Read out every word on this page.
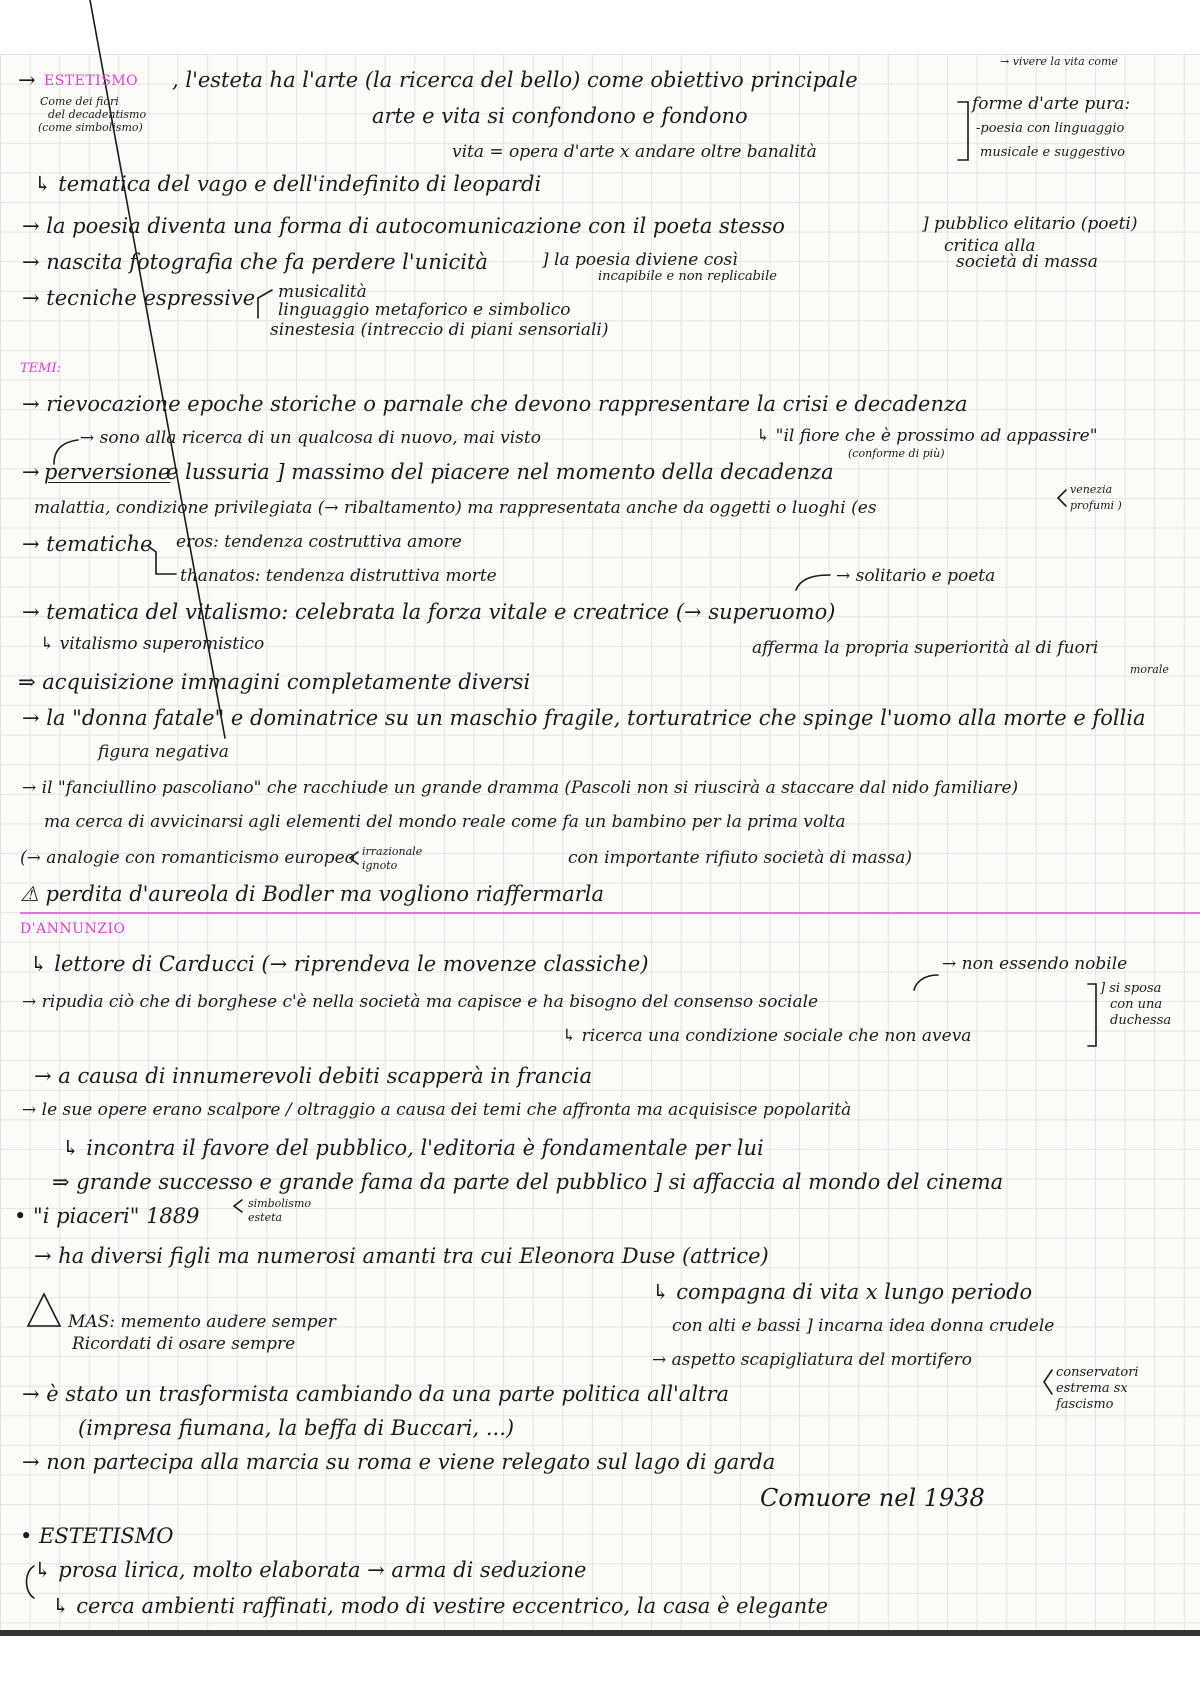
→ ESTETISMO , l'esteta ha l'arte (la ricerca del bello) come obiettivo principale
→ vivere la vita come
Come dei fiori
del decadentismo
(come simbolismo)	arte e vita si confondono e fondono
vita = opera d'arte x andare oltre banalità
forme d'arte pura:
-poesia con linguaggio
musicale e suggestivo
↳ tematica del vago e dell'indefinito di leopardi
→ la poesia diventa una forma di autocomunicazione con il poeta stesso	] pubblico elitario (poeti)
critica alla
società di massa
→ nascita fotografia che fa perdere l'unicità	] la poesia diviene così
incapibile e non replicabile
→ tecniche espressive musicalità
linguaggio metaforico e simbolico
sinestesia (intreccio di piani sensoriali)
TEMI:
→ rievocazione epoche storiche o parnale che devono rappresentare la crisi e decadenza
→ sono alla ricerca di un qualcosa di nuovo, mai visto	↳ "il fiore che è prossimo ad appassire"
(conforme di più)
→ perversione
e lussuria ] massimo del piacere nel momento della decadenza
malattia, condizione privilegiata (→ ribaltamento) ma rappresentata anche da oggetti o luoghi (es
venezia
profumi )
→ tematiche eros: tendenza costruttiva amore
thanatos: tendenza distruttiva morte	→ solitario e poeta
→ tematica del vitalismo: celebrata la forza vitale e creatrice (→ superuomo)
↳ vitalismo superomistico	afferma la propria superiorità al di fuori
morale
⇒ acquisizione immagini completamente diversi
→ la "donna fatale" e dominatrice su un maschio fragile, torturatrice che spinge l'uomo alla morte e follia
figura negativa
→ il "fanciullino pascoliano" che racchiude un grande dramma (Pascoli non si riuscirà a staccare dal nido familiare)
ma cerca di avvicinarsi agli elementi del mondo reale come fa un bambino per la prima volta
(→ analogie con romanticismo europeo irrazionale
ignoto	con importante rifiuto società di massa)
⚠ perdita d'aureola di Bodler ma vogliono riaffermarla
D'ANNUNZIO
↳ lettore di Carducci (→ riprendeva le movenze classiche)	→ non essendo nobile
→ ripudia ciò che di borghese c'è nella società ma capisce e ha bisogno del consenso sociale
] si sposa
con una
duchessa
↳ ricerca una condizione sociale che non aveva
→ a causa di innumerevoli debiti scapperà in francia
→ le sue opere erano scalpore / oltraggio a causa dei temi che affronta ma acquisisce popolarità
↳ incontra il favore del pubblico, l'editoria è fondamentale per lui
⇒ grande successo e grande fama da parte del pubblico ] si affaccia al mondo del cinema
• "i piaceri" 1889
simbolismo
esteta
→ ha diversi figli ma numerosi amanti tra cui Eleonora Duse (attrice)
↳ compagna di vita x lungo periodo
MAS: memento audere semper
Ricordati di osare sempre
con alti e bassi ] incarna idea donna crudele
→ aspetto scapigliatura del mortifero
→ è stato un trasformista cambiando da una parte politica all'altra
conservatori
estrema sx
fascismo
(impresa fiumana, la beffa di Buccari, ...)
→ non partecipa alla marcia su roma e viene relegato sul lago di garda
Comuore nel 1938
• ESTETISMO
↳ prosa lirica, molto elaborata → arma di seduzione
↳ cerca ambienti raffinati, modo di vestire eccentrico, la casa è elegante
